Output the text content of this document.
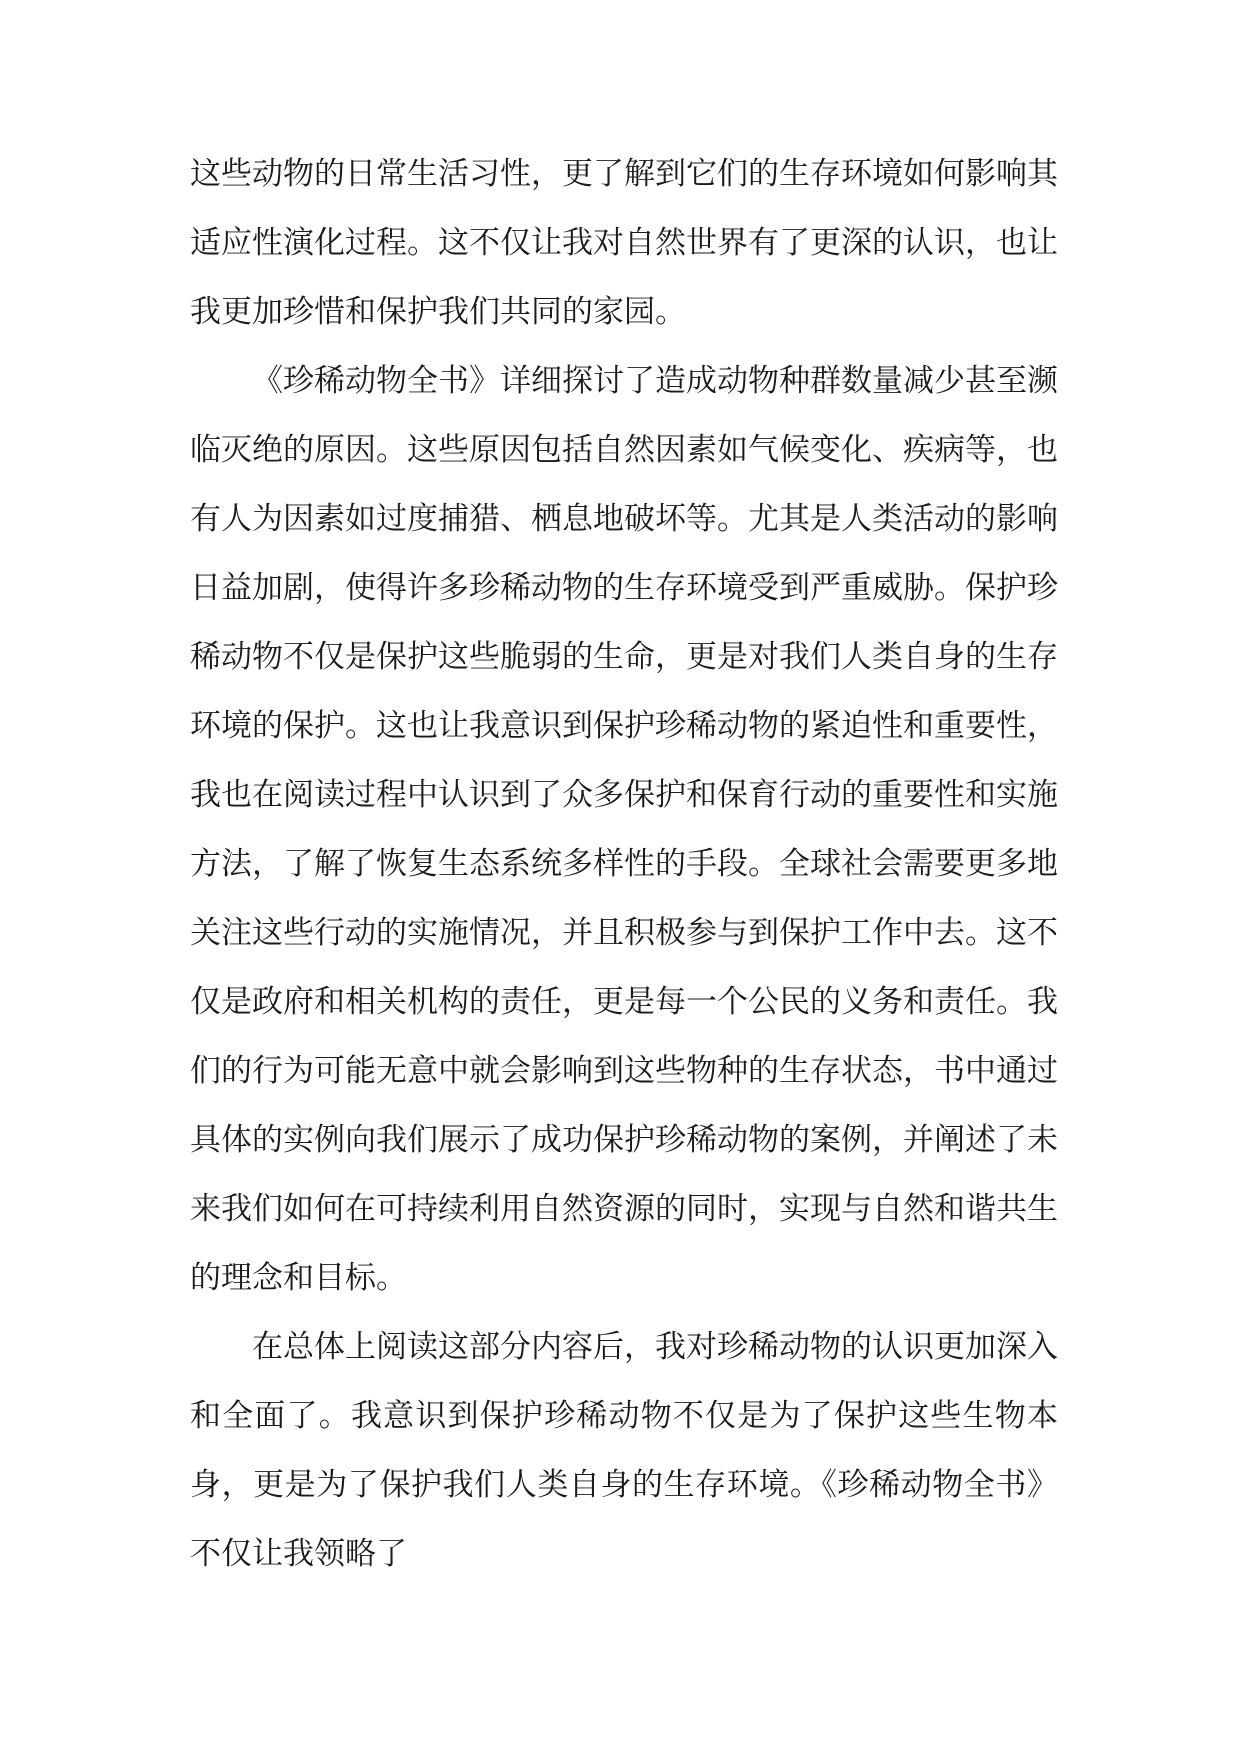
这些动物的日常生活习性，更了解到它们的生存环境如何影响其适应性演化过程。这不仅让我对自然世界有了更深的认识，也让我更加珍惜和保护我们共同的家园。

《珍稀动物全书》详细探讨了造成动物种群数量减少甚至濒临灭绝的原因。这些原因包括自然因素如气候变化、疾病等，也有人为因素如过度捕猎、栖息地破坏等。尤其是人类活动的影响日益加剧，使得许多珍稀动物的生存环境受到严重威胁。保护珍稀动物不仅是保护这些脆弱的生命，更是对我们人类自身的生存环境的保护。这也让我意识到保护珍稀动物的紧迫性和重要性，我也在阅读过程中认识到了众多保护和保育行动的重要性和实施方法，了解了恢复生态系统多样性的手段。全球社会需要更多地关注这些行动的实施情况，并且积极参与到保护工作中去。这不仅是政府和相关机构的责任，更是每一个公民的义务和责任。我们的行为可能无意中就会影响到这些物种的生存状态，书中通过具体的实例向我们展示了成功保护珍稀动物的案例，并阐述了未来我们如何在可持续利用自然资源的同时，实现与自然和谐共生的理念和目标。

在总体上阅读这部分内容后，我对珍稀动物的认识更加深入和全面了。我意识到保护珍稀动物不仅是为了保护这些生物本身，更是为了保护我们人类自身的生存环境。《珍稀动物全书》不仅让我领略了
